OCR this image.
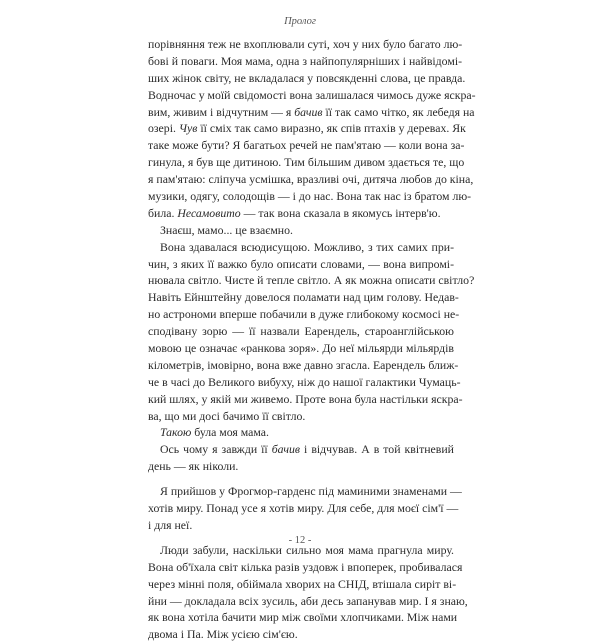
Пролог
порівняння теж не вхоплювали суті, хоч у них було багато лю-
бові й поваги. Моя мама, одна з найпопулярніших і найвідомі-
ших жінок світу, не вкладалася у повсякденні слова, це правда.
Водночас у моїй свідомості вона залишалася чимось дуже яскра-
вим, живим і відчутним — я бачив її так само чітко, як лебедя на
озері. Чув її сміх так само виразно, як спів птахів у деревах. Як
таке може бути? Я багатьох речей не пам'ятаю — коли вона за-
гинула, я був ще дитиною. Тим більшим дивом здається те, що
я пам'ятаю: сліпуча усмішка, вразливі очі, дитяча любов до кіна,
музики, одягу, солодощів — і до нас. Вона так нас із братом лю-
била. Несамовито — так вона сказала в якомусь інтерв'ю.
Знаєш, мамо... це взаємно.
Вона здавалася всюдисущою. Можливо, з тих самих при-
чин, з яких її важко було описати словами, — вона випромі-
нювала світло. Чисте й тепле світло. А як можна описати світло?
Навіть Ейнштейну довелося поламати над цим голову. Недав-
но астрономи вперше побачили в дуже глибокому космосі не-
сподівану зорю — її назвали Еарендель, староанглійською
мовою це означає «ранкова зоря». До неї мільярди мільярдів
кілометрів, імовірно, вона вже давно згасла. Еарендель ближ-
че в часі до Великого вибуху, ніж до нашої галактики Чумаць-
кий шлях, у якій ми живемо. Проте вона була настільки яскра-
ва, що ми досі бачимо її світло.
Такою була моя мама.
Ось чому я завжди її бачив і відчував. А в той квітневий
день — як ніколи.
Я прийшов у Фрогмор-гарденс під маминими знаменами —
хотів миру. Понад усе я хотів миру. Для себе, для моєї сім'ї —
і для неї.
Люди забули, наскільки сильно моя мама прагнула миру.
Вона об'їхала світ кілька разів уздовж і впоперек, пробивалася
через мінні поля, обіймала хворих на СНІД, втішала сиріт ві-
йни — докладала всіх зусиль, аби десь запанував мир. І я знаю,
як вона хотіла бачити мир між своїми хлопчиками. Між нами
двома і Па. Між усією сім'єю.
- 12 -
